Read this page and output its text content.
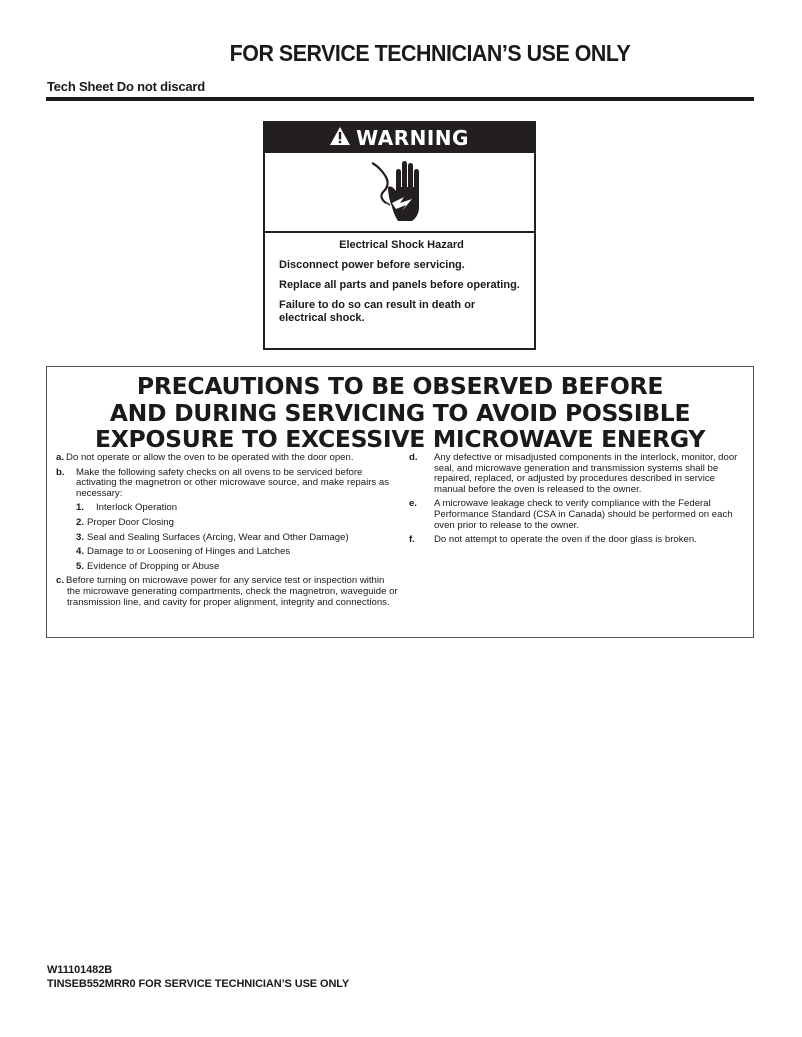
FOR SERVICE TECHNICIAN’S USE ONLY
Tech Sheet Do not discard
WARNING
Electrical Shock Hazard

Disconnect power before servicing.

Replace all parts and panels before operating.

Failure to do so can result in death or electrical shock.

PRECAUTIONS TO BE OBSERVED BEFORE
AND DURING SERVICING TO AVOID POSSIBLE
EXPOSURE TO EXCESSIVE MICROWAVE ENERGY
a. Do not operate or allow the oven to be operated with the door open.
b. Make the following safety checks on all ovens to be serviced before activating the magnetron or other microwave source, and make repairs as necessary:
1. Interlock Operation
2. Proper Door Closing
3. Seal and Sealing Surfaces (Arcing, Wear and Other Damage)
4. Damage to or Loosening of Hinges and Latches
5. Evidence of Dropping or Abuse
c. Before turning on microwave power for any service test or inspection within the microwave generating compartments, check the magnetron, waveguide or transmission line, and cavity for proper alignment, integrity and connections.
d. Any defective or misadjusted components in the interlock, monitor, door seal, and microwave generation and transmission systems shall be repaired, replaced, or adjusted by procedures described in service manual before the oven is released to the owner.
e. A microwave leakage check to verify compliance with the Federal Performance Standard (CSA in Canada) should be performed on each oven prior to release to the owner.
f. Do not attempt to operate the oven if the door glass is broken.
W11101482B
TINSEB552MRR0 FOR SERVICE TECHNICIAN’S USE ONLY
